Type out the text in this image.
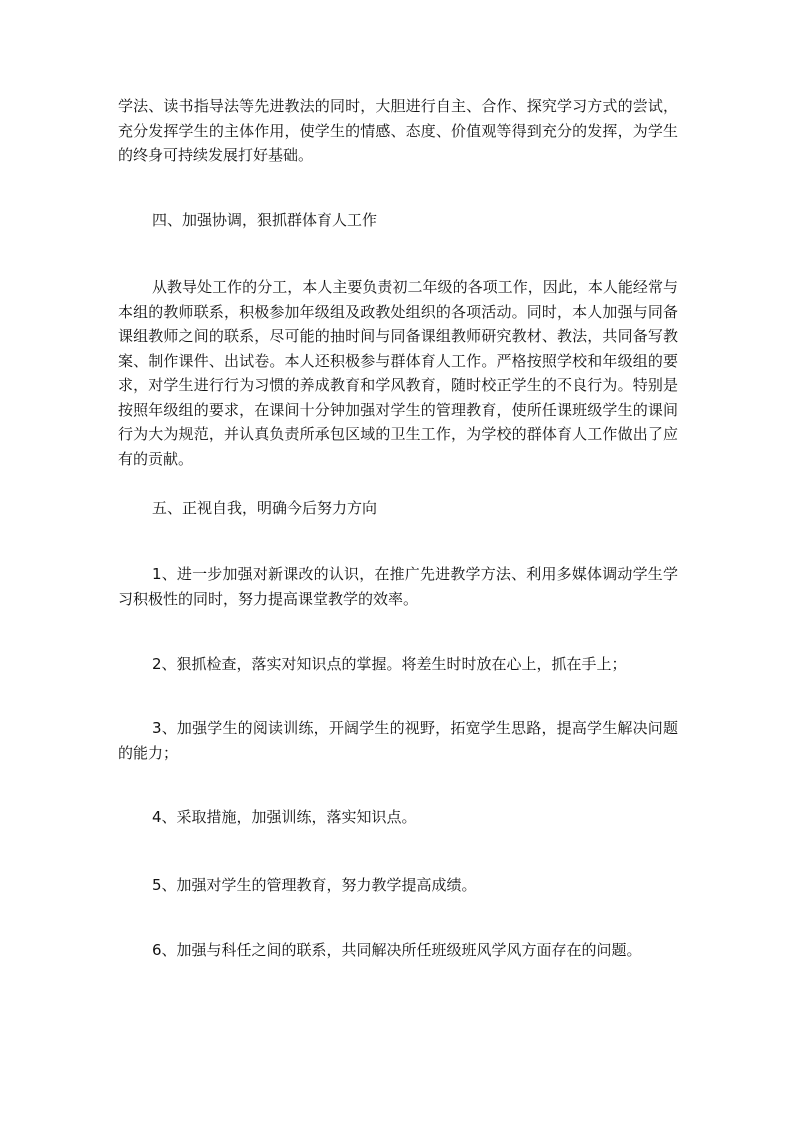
学法、读书指导法等先进教法的同时，大胆进行自主、合作、探究学习方式的尝试，充分发挥学生的主体作用，使学生的情感、态度、价值观等得到充分的发挥，为学生的终身可持续发展打好基础。

四、加强协调，狠抓群体育人工作

从教导处工作的分工，本人主要负责初二年级的各项工作，因此，本人能经常与本组的教师联系，积极参加年级组及政教处组织的各项活动。同时，本人加强与同备课组教师之间的联系，尽可能的抽时间与同备课组教师研究教材、教法，共同备写教案、制作课件、出试卷。本人还积极参与群体育人工作。严格按照学校和年级组的要求，对学生进行行为习惯的养成教育和学风教育，随时校正学生的不良行为。特别是按照年级组的要求，在课间十分钟加强对学生的管理教育，使所任课班级学生的课间行为大为规范，并认真负责所承包区域的卫生工作，为学校的群体育人工作做出了应有的贡献。

五、正视自我，明确今后努力方向

1、进一步加强对新课改的认识，在推广先进教学方法、利用多媒体调动学生学习积极性的同时，努力提高课堂教学的效率。

2、狠抓检查，落实对知识点的掌握。将差生时时放在心上，抓在手上；

3、加强学生的阅读训练，开阔学生的视野，拓宽学生思路，提高学生解决问题的能力；

4、采取措施，加强训练，落实知识点。

5、加强对学生的管理教育，努力教学提高成绩。

6、加强与科任之间的联系，共同解决所任班级班风学风方面存在的问题。
